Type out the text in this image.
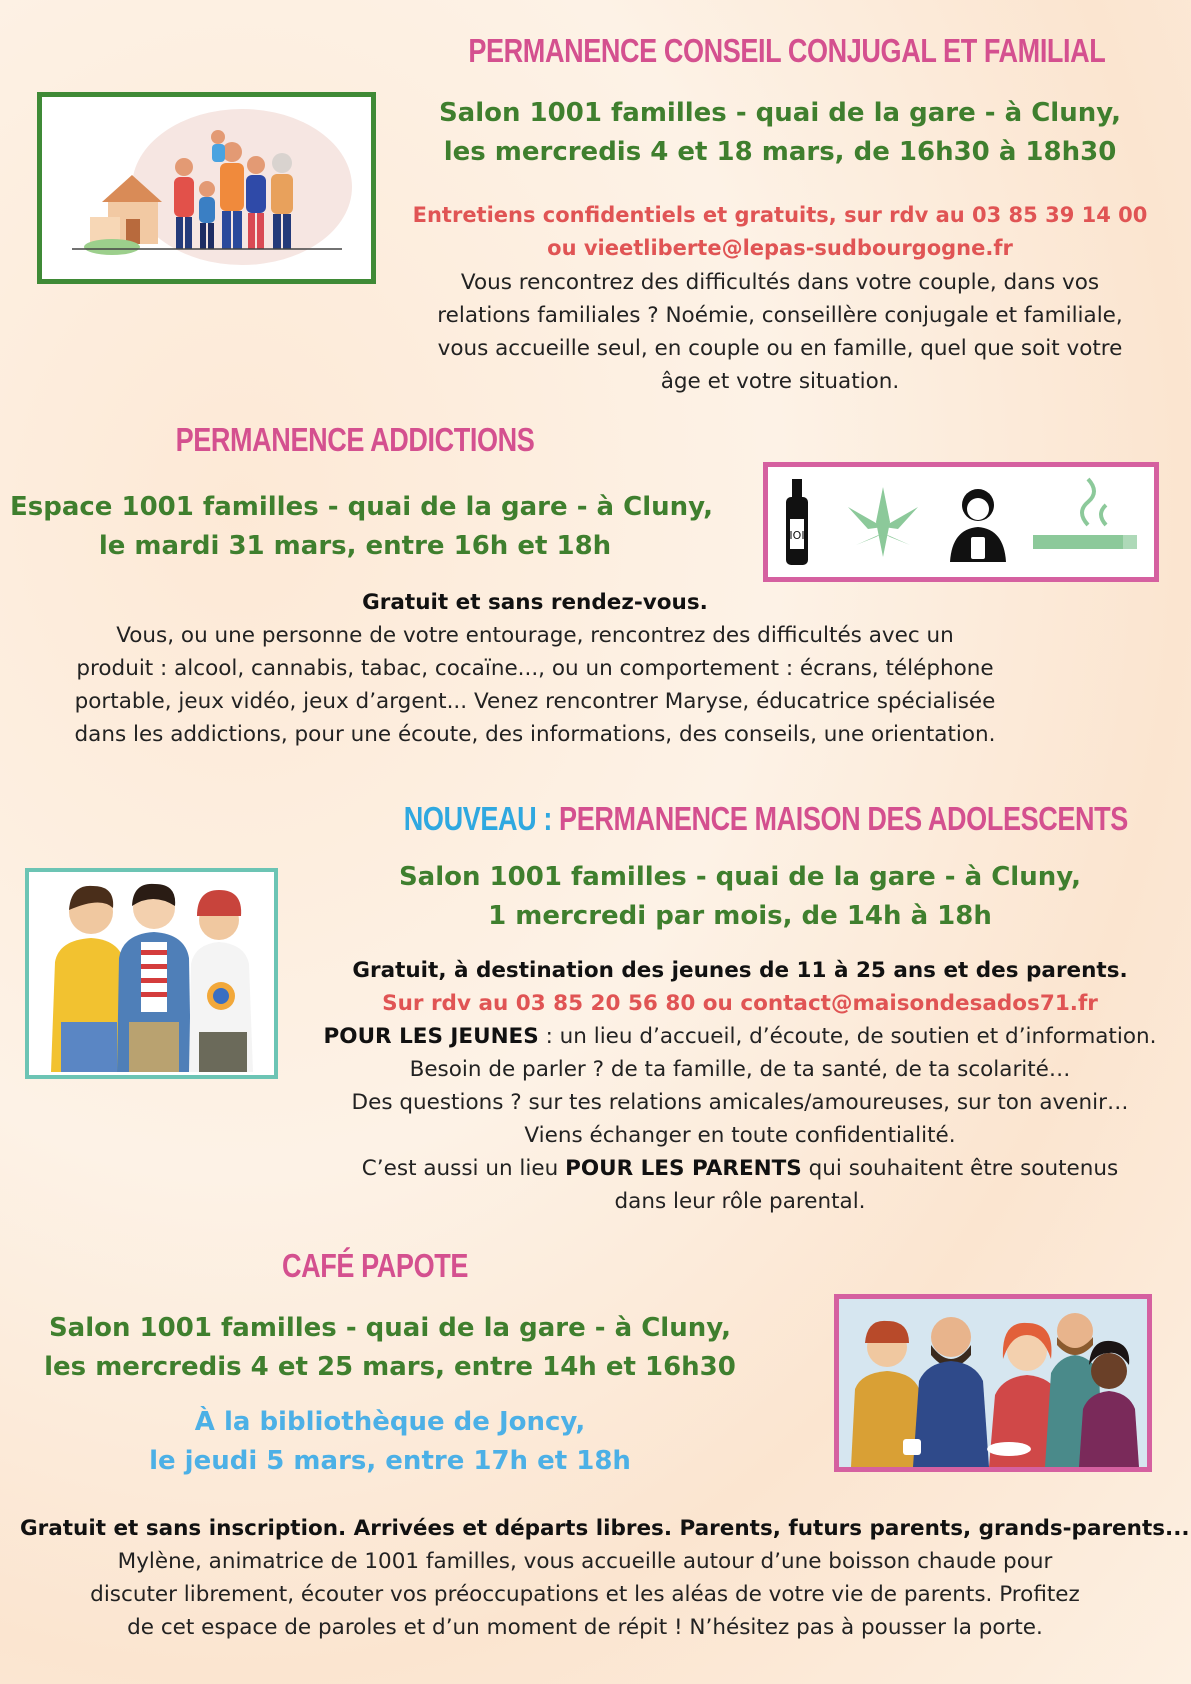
PERMANENCE CONSEIL CONJUGAL ET FAMILIAL
Salon 1001 familles - quai de la gare - à Cluny,
les mercredis 4 et 18 mars, de 16h30 à 18h30
Entretiens confidentiels et gratuits, sur rdv au 03 85 39 14 00
ou vieetliberte@lepas-sudbourgogne.fr
Vous rencontrez des difficultés dans votre couple, dans vos
relations familiales ? Noémie, conseillère conjugale et familiale,
vous accueille seul, en couple ou en famille, quel que soit votre
âge et votre situation.
PERMANENCE ADDICTIONS
Espace 1001 familles - quai de la gare - à Cluny,
le mardi 31 mars, entre 16h et 18h	IOI
Gratuit et sans rendez-vous.
Vous, ou une personne de votre entourage, rencontrez des difficultés avec un
produit : alcool, cannabis, tabac, cocaïne..., ou un comportement : écrans, téléphone
portable, jeux vidéo, jeux d’argent... Venez rencontrer Maryse, éducatrice spécialisée
dans les addictions, pour une écoute, des informations, des conseils, une orientation.
NOUVEAU : PERMANENCE MAISON DES ADOLESCENTS
Salon 1001 familles - quai de la gare - à Cluny,
1 mercredi par mois, de 14h à 18h
Gratuit, à destination des jeunes de 11 à 25 ans et des parents.
Sur rdv au 03 85 20 56 80 ou contact@maisondesados71.fr
POUR LES JEUNES : un lieu d’accueil, d’écoute, de soutien et d’information.
Besoin de parler ? de ta famille, de ta santé, de ta scolarité…
Des questions ? sur tes relations amicales/amoureuses, sur ton avenir…
Viens échanger en toute confidentialité.
C’est aussi un lieu POUR LES PARENTS qui souhaitent être soutenus
dans leur rôle parental.
CAFÉ PAPOTE
Salon 1001 familles - quai de la gare - à Cluny,
les mercredis 4 et 25 mars, entre 14h et 16h30
À la bibliothèque de Joncy,
le jeudi 5 mars, entre 17h et 18h
Gratuit et sans inscription. Arrivées et départs libres. Parents, futurs parents, grands-parents...
Mylène, animatrice de 1001 familles, vous accueille autour d’une boisson chaude pour
discuter librement, écouter vos préoccupations et les aléas de votre vie de parents. Profitez
de cet espace de paroles et d’un moment de répit ! N’hésitez pas à pousser la porte.
